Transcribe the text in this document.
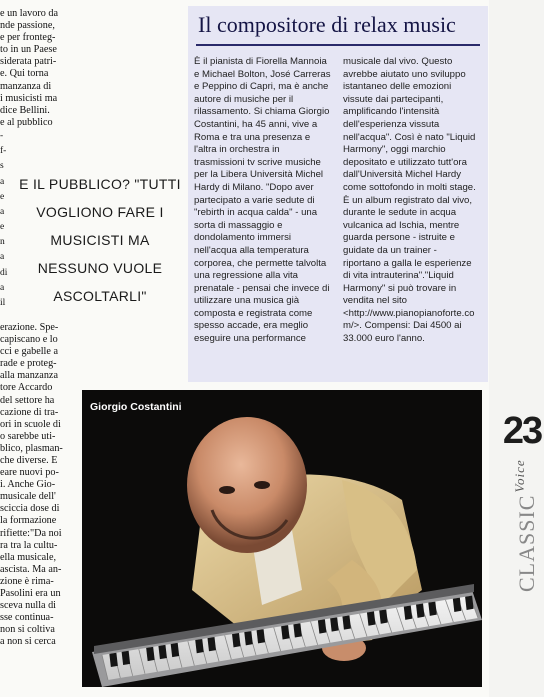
e un lavoro da
nde passione,
e per fronteg-
to in un Paese
siderata patri-
e. Qui torna
manzanza di
i musicisti ma
dice Bellini.
e al pubblico
-
f-
s
a
e
a
e
n
a
di
a
il
erazione. Spe-
capiscano e lo
cci e gabelle a
rade e proteg-
alla manzanza
tore Accardo
del settore ha
cazione di tra-
ori in scuole di
o sarebbe uti-
blico, plasman-
che diverse. E
eare nuovi po-
i. Anche Gio-
musicale dell'
sciccia dose di
la formazione
rifiette:"Da noi
ra tra la cultu-
ella musicale,
ascista. Ma an-
zione è rima-
Pasolini era un
sceva nulla di
sse continua-
non si coltiva
a non si cerca
E IL PUBBLICO? "TUTTI
VOGLIONO FARE I
MUSICISTI MA
NESSUNO VUOLE
ASCOLTARLI"
Il compositore di relax music
È il pianista di Fiorella Mannoia
e Michael Bolton, José Carreras
e Peppino di Capri, ma è anche
autore di musiche per il
rilassamento. Si chiama Giorgio
Costantini, ha 45 anni, vive a
Roma e tra una presenza e
l'altra in orchestra in
trasmissioni tv scrive musiche
per la Libera Università Michel
Hardy di Milano. "Dopo aver
partecipato a varie sedute di
"rebirth in acqua calda" - una
sorta di massaggio e
dondolamento immersi
nell'acqua alla temperatura
corporea, che permette talvolta
una regressione alla vita
prenatale - pensai che invece di
utilizzare una musica già
composta e registrata come
spesso accade, era meglio
eseguire una performance
musicale dal vivo. Questo
avrebbe aiutato uno sviluppo
istantaneo delle emozioni
vissute dai partecipanti,
amplificando l'intensità
dell'esperienza vissuta
nell'acqua". Così è nato "Liquid
Harmony", oggi marchio
depositato e utilizzato tutt'ora
dall'Università Michel Hardy
come sottofondo in molti stage.
È un album registrato dal vivo,
durante le sedute in acqua
vulcanica ad Ischia, mentre
guarda persone - istruite e
guidate da un trainer -
riportano a galla le esperienze
di vita intrauterina"."Liquid
Harmony" si può trovare in
vendita nel sito
<http://www.pianopianoforte.co
m/>. Compensi: Dai 4500 ai
33.000 euro l'anno.
Giorgio Costantini
23
$CLASSIC^{Voice}$
